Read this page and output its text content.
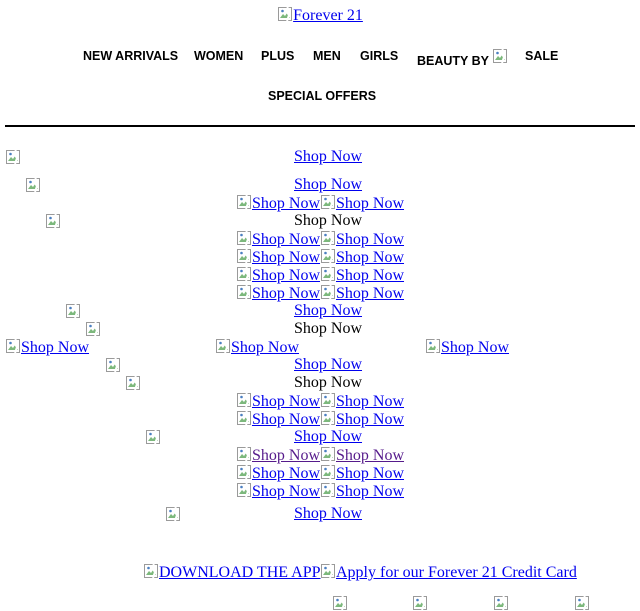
Forever 21
NEW ARRIVALS WOMEN PLUS MEN GIRLS BEAUTY BY	SALE
SPECIAL OFFERS

Shop Now

Shop Now
Shop Now Shop Now

Shop Now
Shop Now Shop Now
Shop Now Shop Now
Shop Now Shop Now
Shop Now Shop Now

Shop Now

Shop Now
Shop Now	Shop Now	Shop Now

Shop Now

Shop Now
Shop Now Shop Now
Shop Now Shop Now

Shop Now
Shop Now Shop Now
Shop Now Shop Now
Shop Now Shop Now

Shop Now
DOWNLOAD THE APP Apply for our Forever 21 Credit Card
